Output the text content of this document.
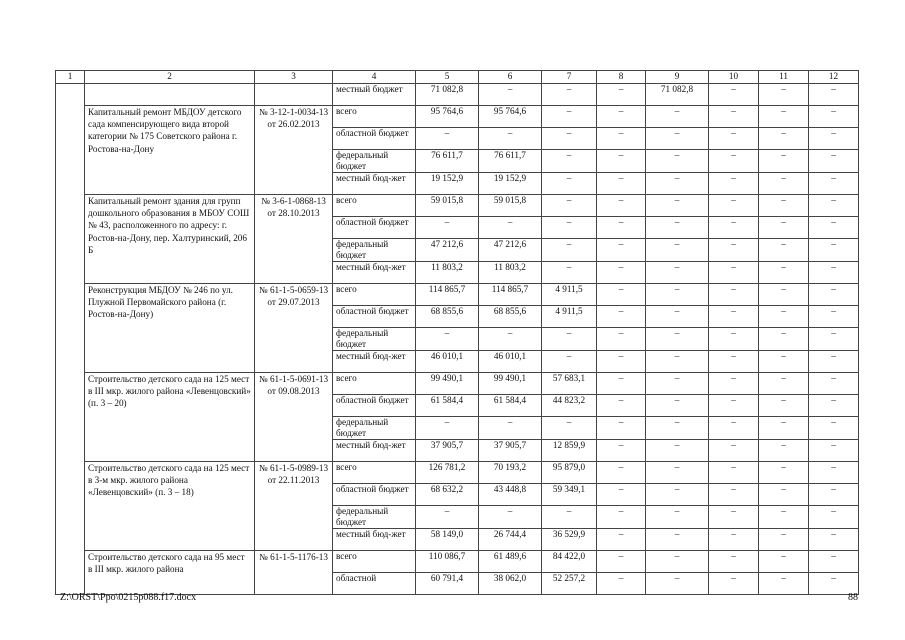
1	2	3	4	5	6	7	8	9	10	11	12
			местный бюджет	71 082,8	–	–	–	71 082,8	–	–	–
	Капитальный ремонт МБДОУ детского сада компенсирующего вида второй категории № 175 Советского района г. Ростова-на-Дону	№ 3-12-1-0034-13 от 26.02.2013	всего	95 764,6	95 764,6	–	–	–	–	–	–
			областной бюджет	–	–	–	–	–	–	–	–
			федеральный бюджет	76 611,7	76 611,7	–	–	–	–	–	–
			местный бюд-жет	19 152,9	19 152,9	–	–	–	–	–	–
	Капитальный ремонт здания для групп дошкольного образования в МБОУ СОШ № 43, расположенного по адресу: г. Ростов-на-Дону, пер. Халтуринский, 206 Б	№ 3-6-1-0868-13 от 28.10.2013	всего	59 015,8	59 015,8	–	–	–	–	–	–
			областной бюджет	–	–	–	–	–	–	–	–
			федеральный бюджет	47 212,6	47 212,6	–	–	–	–	–	–
			местный бюд-жет	11 803,2	11 803,2	–	–	–	–	–	–
	Реконструкция МБДОУ № 246 по ул. Плужной Первомайского района (г. Ростов-на-Дону)	№ 61-1-5-0659-13 от 29.07.2013	всего	114 865,7	114 865,7	4 911,5	–	–	–	–	–
			областной бюджет	68 855,6	68 855,6	4 911,5	–	–	–	–	–
			федеральный бюджет	–	–	–	–	–	–	–	–
			местный бюд-жет	46 010,1	46 010,1	–	–	–	–	–	–
	Строительство детского сада на 125 мест в III мкр. жилого района «Левенцовский» (п. 3 – 20)	№ 61-1-5-0691-13 от 09.08.2013	всего	99 490,1	99 490,1	57 683,1	–	–	–	–	–
			областной бюджет	61 584,4	61 584,4	44 823,2	–	–	–	–	–
			федеральный бюджет	–	–	–	–	–	–	–	–
			местный бюд-жет	37 905,7	37 905,7	12 859,9	–	–	–	–	–
	Строительство детского сада на 125 мест в 3-м мкр. жилого района «Левенцовский» (п. 3 – 18)	№ 61-1-5-0989-13 от 22.11.2013	всего	126 781,2	70 193,2	95 879,0	–	–	–	–	–
			областной бюджет	68 632,2	43 448,8	59 349,1	–	–	–	–	–
			федеральный бюджет	–	–	–	–	–	–	–	–
			местный бюд-жет	58 149,0	26 744,4	36 529,9	–	–	–	–	–
	Строительство детского сада на 95 мест в III мкр. жилого района	№ 61-1-5-1176-13	всего	110 086,7	61 489,6	84 422,0	–	–	–	–	–
			областной	60 791,4	38 062,0	52 257,2	–	–	–	–	–
Z:\ORST\Ppo\0215p088.f17.docx	88
